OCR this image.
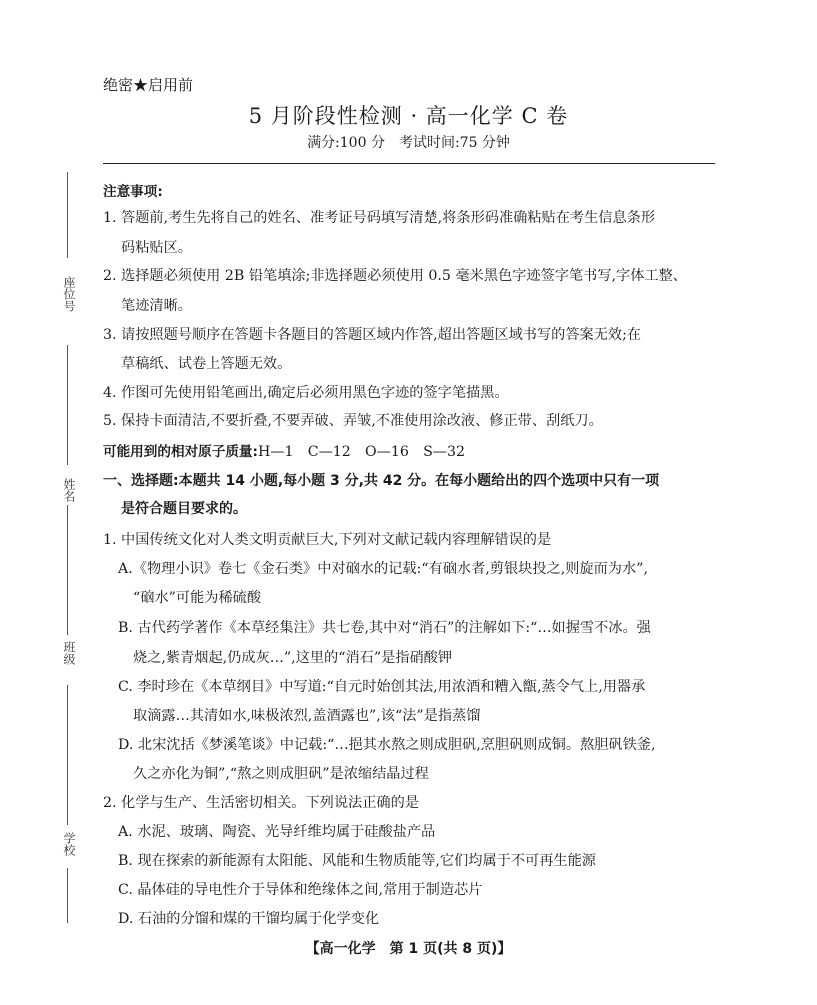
绝密★启用前
5 月阶段性检测 · 高一化学 C 卷
满分:100 分　考试时间:75 分钟
座位号
姓名
班级
学校
注意事项:
1. 答题前,考生先将自己的姓名、准考证号码填写清楚,将条形码准确粘贴在考生信息条形
码粘贴区。
2. 选择题必须使用 2B 铅笔填涂;非选择题必须使用 0.5 毫米黑色字迹签字笔书写,字体工整、
笔迹清晰。
3. 请按照题号顺序在答题卡各题目的答题区域内作答,超出答题区域书写的答案无效;在
草稿纸、试卷上答题无效。
4. 作图可先使用铅笔画出,确定后必须用黑色字迹的签字笔描黑。
5. 保持卡面清洁,不要折叠,不要弄破、弄皱,不准使用涂改液、修正带、刮纸刀。
可能用到的相对原子质量:H—1　C—12　O—16　S—32
一、选择题:本题共 14 小题,每小题 3 分,共 42 分。在每小题给出的四个选项中只有一项
是符合题目要求的。
1. 中国传统文化对人类文明贡献巨大,下列对文献记载内容理解错误的是
A.《物理小识》卷七《金石类》中对硇水的记载:“有硇水者,剪银块投之,则旋而为水”,
“硇水”可能为稀硫酸
B. 古代药学著作《本草经集注》共七卷,其中对“消石”的注解如下:“…如握雪不冰。强
烧之,紫青烟起,仍成灰…”,这里的“消石”是指硝酸钾
C. 李时珍在《本草纲目》中写道:“自元时始创其法,用浓酒和糟入甑,蒸令气上,用器承
取滴露…其清如水,味极浓烈,盖酒露也”,该“法”是指蒸馏
D. 北宋沈括《梦溪笔谈》中记载:“…挹其水熬之则成胆矾,烹胆矾则成铜。熬胆矾铁釜,
久之亦化为铜”,“熬之则成胆矾”是浓缩结晶过程
2. 化学与生产、生活密切相关。下列说法正确的是
A. 水泥、玻璃、陶瓷、光导纤维均属于硅酸盐产品
B. 现在探索的新能源有太阳能、风能和生物质能等,它们均属于不可再生能源
C. 晶体硅的导电性介于导体和绝缘体之间,常用于制造芯片
D. 石油的分馏和煤的干馏均属于化学变化
【高一化学　第 1 页(共 8 页)】
